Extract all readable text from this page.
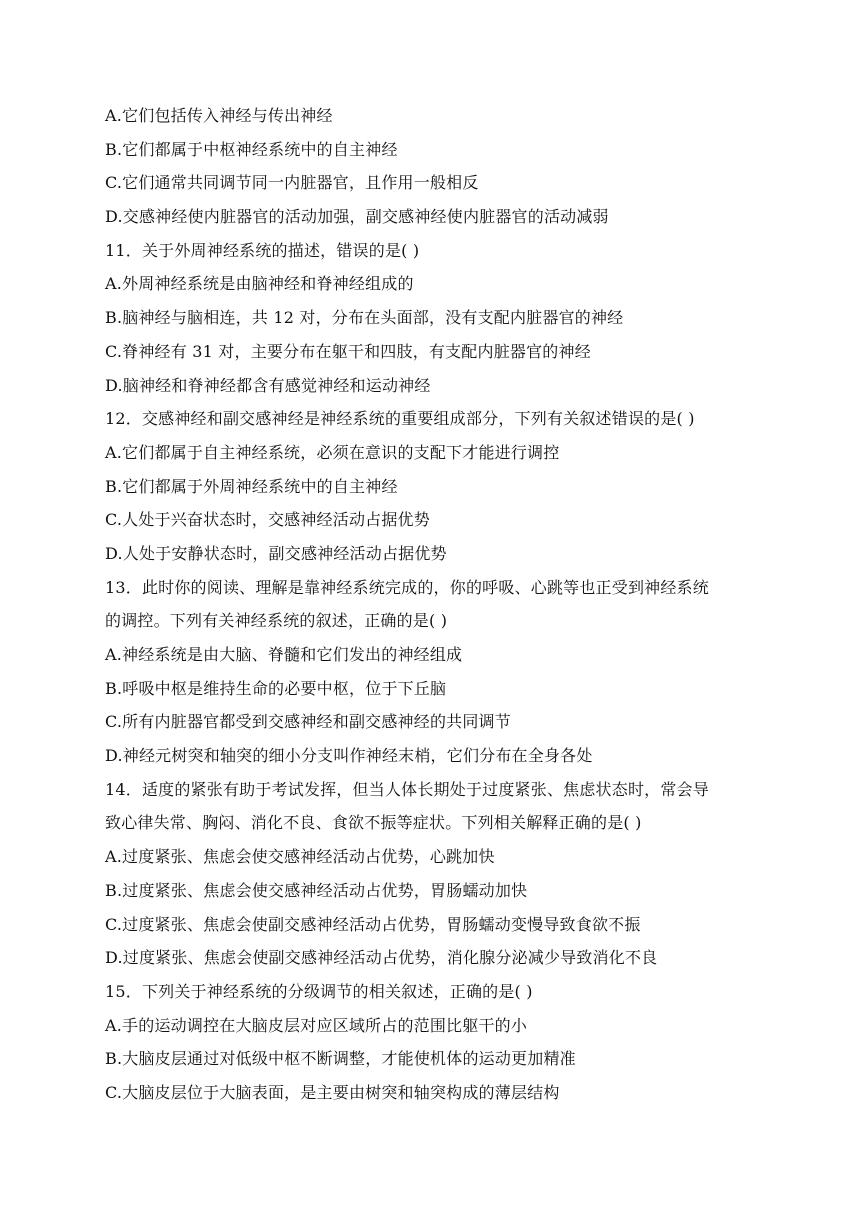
A.它们包括传入神经与传出神经
B.它们都属于中枢神经系统中的自主神经
C.它们通常共同调节同一内脏器官，且作用一般相反
D.交感神经使内脏器官的活动加强，副交感神经使内脏器官的活动减弱
11．关于外周神经系统的描述，错误的是( )
A.外周神经系统是由脑神经和脊神经组成的
B.脑神经与脑相连，共 12 对，分布在头面部，没有支配内脏器官的神经
C.脊神经有 31 对，主要分布在躯干和四肢，有支配内脏器官的神经
D.脑神经和脊神经都含有感觉神经和运动神经
12．交感神经和副交感神经是神经系统的重要组成部分，下列有关叙述错误的是( )
A.它们都属于自主神经系统，必须在意识的支配下才能进行调控
B.它们都属于外周神经系统中的自主神经
C.人处于兴奋状态时，交感神经活动占据优势
D.人处于安静状态时，副交感神经活动占据优势
13．此时你的阅读、理解是靠神经系统完成的，你的呼吸、心跳等也正受到神经系统
的调控。下列有关神经系统的叙述，正确的是( )
A.神经系统是由大脑、脊髓和它们发出的神经组成
B.呼吸中枢是维持生命的必要中枢，位于下丘脑
C.所有内脏器官都受到交感神经和副交感神经的共同调节
D.神经元树突和轴突的细小分支叫作神经末梢，它们分布在全身各处
14．适度的紧张有助于考试发挥，但当人体长期处于过度紧张、焦虑状态时，常会导
致心律失常、胸闷、消化不良、食欲不振等症状。下列相关解释正确的是( )
A.过度紧张、焦虑会使交感神经活动占优势，心跳加快
B.过度紧张、焦虑会使交感神经活动占优势，胃肠蠕动加快
C.过度紧张、焦虑会使副交感神经活动占优势，胃肠蠕动变慢导致食欲不振
D.过度紧张、焦虑会使副交感神经活动占优势，消化腺分泌减少导致消化不良
15．下列关于神经系统的分级调节的相关叙述，正确的是( )
A.手的运动调控在大脑皮层对应区域所占的范围比躯干的小
B.大脑皮层通过对低级中枢不断调整，才能使机体的运动更加精准
C.大脑皮层位于大脑表面，是主要由树突和轴突构成的薄层结构
